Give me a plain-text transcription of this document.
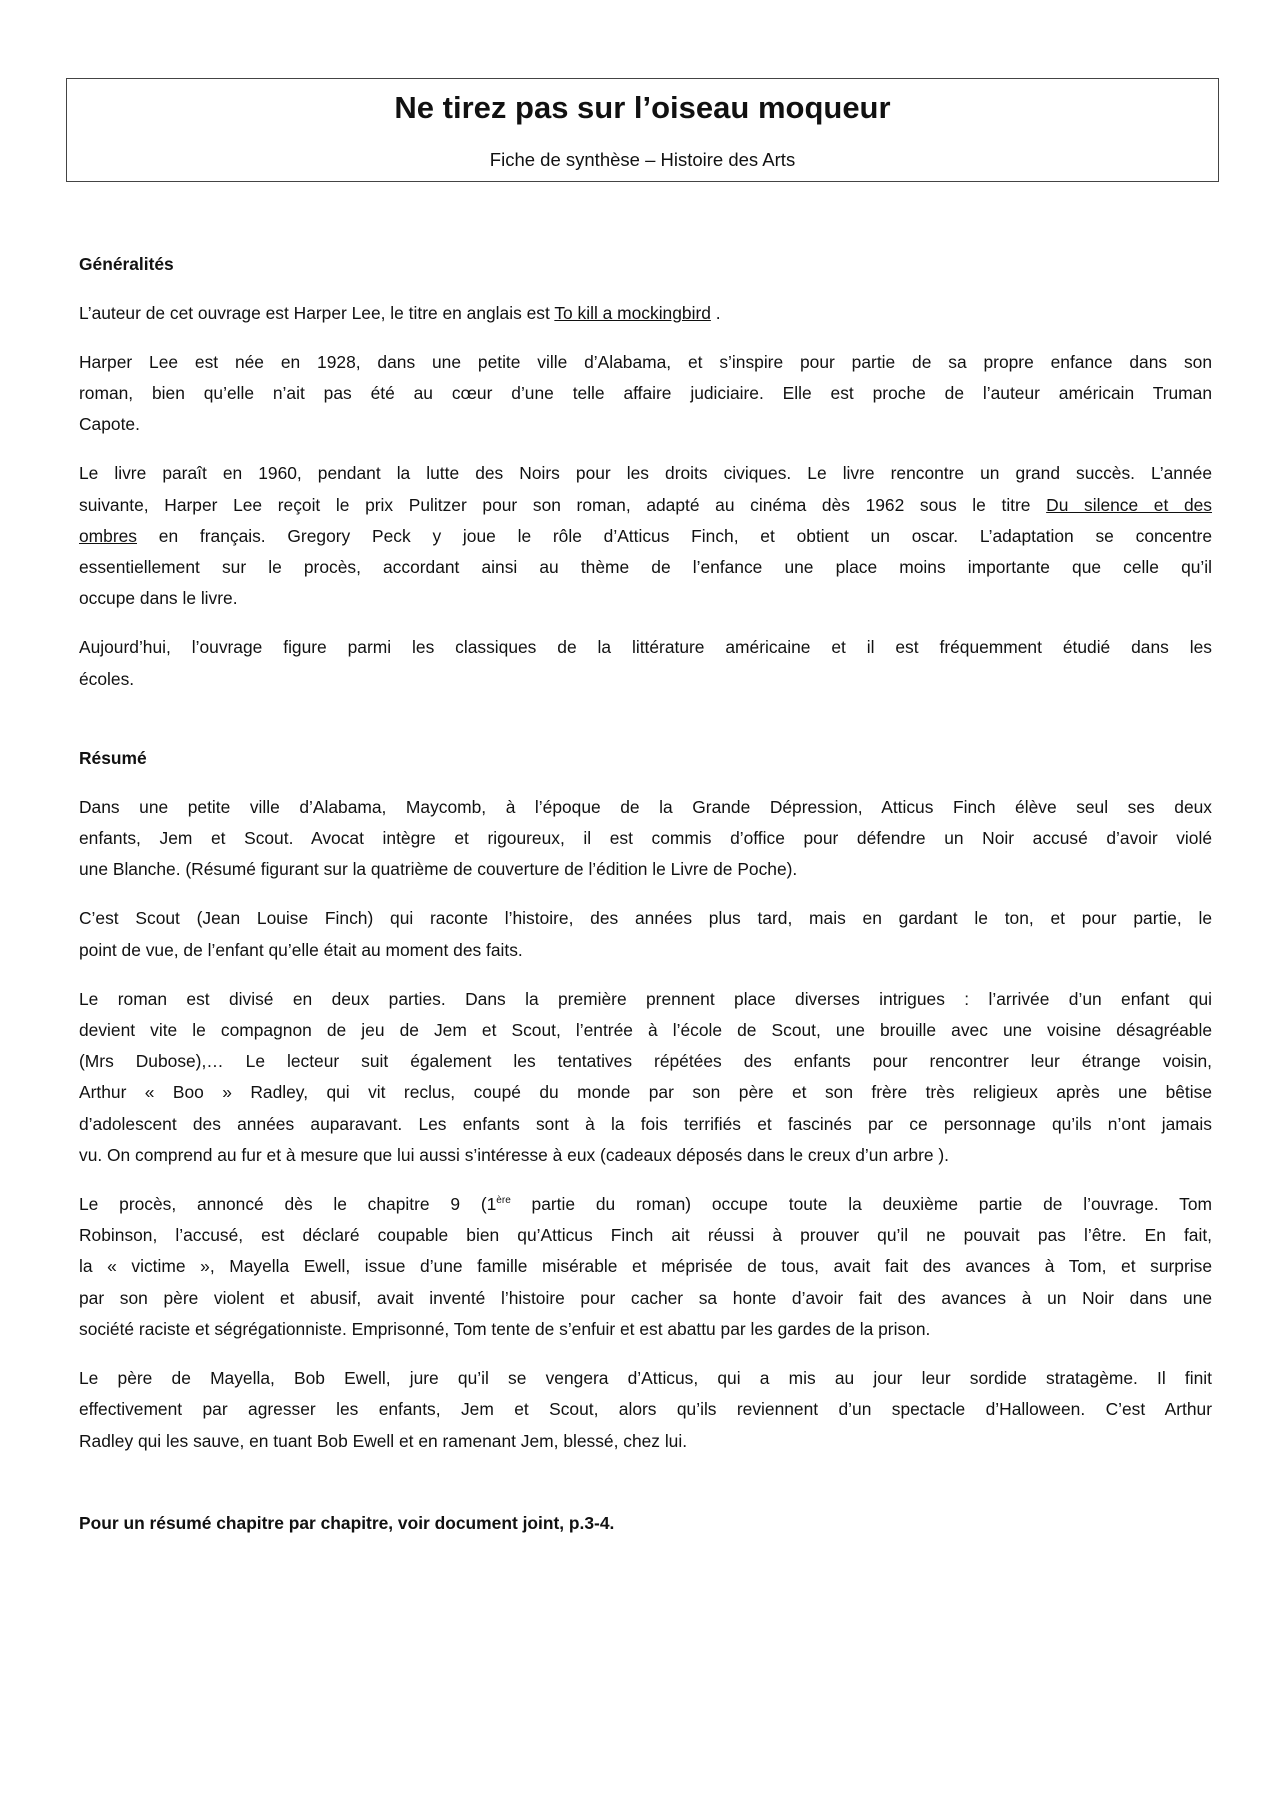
Ne tirez pas sur l’oiseau moqueur
Fiche de synthèse – Histoire des Arts
Généralités
L’auteur de cet ouvrage est Harper Lee, le titre en anglais est To kill a mockingbird .
Harper Lee est née en 1928, dans une petite ville d’Alabama, et s’inspire pour partie de sa propre enfance dans son
roman, bien qu’elle n’ait pas été au cœur d’une telle affaire judiciaire. Elle est proche de l’auteur américain Truman
Capote.
Le livre paraît en 1960, pendant la lutte des Noirs pour les droits civiques. Le livre rencontre un grand succès. L’année
suivante, Harper Lee reçoit le prix Pulitzer pour son roman, adapté au cinéma dès 1962 sous le titre Du silence et des
ombres en français. Gregory Peck y joue le rôle d’Atticus Finch, et obtient un oscar. L’adaptation se concentre
essentiellement sur le procès, accordant ainsi au thème de l’enfance une place moins importante que celle qu’il
occupe dans le livre.
Aujourd’hui, l’ouvrage figure parmi les classiques de la littérature américaine et il est fréquemment étudié dans les
écoles.
Résumé
Dans une petite ville d’Alabama, Maycomb, à l’époque de la Grande Dépression, Atticus Finch élève seul ses deux
enfants, Jem et Scout. Avocat intègre et rigoureux, il est commis d’office pour défendre un Noir accusé d’avoir violé
une Blanche. (Résumé figurant sur la quatrième de couverture de l’édition le Livre de Poche).
C’est Scout (Jean Louise Finch) qui raconte l’histoire, des années plus tard, mais en gardant le ton, et pour partie, le
point de vue, de l’enfant qu’elle était au moment des faits.
Le roman est divisé en deux parties. Dans la première prennent place diverses intrigues : l’arrivée d’un enfant qui
devient vite le compagnon de jeu de Jem et Scout, l’entrée à l’école de Scout, une brouille avec une voisine désagréable
(Mrs Dubose),… Le lecteur suit également les tentatives répétées des enfants pour rencontrer leur étrange voisin,
Arthur « Boo » Radley, qui vit reclus, coupé du monde par son père et son frère très religieux après une bêtise
d’adolescent des années auparavant. Les enfants sont à la fois terrifiés et fascinés par ce personnage qu’ils n’ont jamais
vu. On comprend au fur et à mesure que lui aussi s’intéresse à eux (cadeaux déposés dans le creux d’un arbre ).
Le procès, annoncé dès le chapitre 9 (1ère partie du roman) occupe toute la deuxième partie de l’ouvrage. Tom
Robinson, l’accusé, est déclaré coupable bien qu’Atticus Finch ait réussi à prouver qu’il ne pouvait pas l’être. En fait,
la « victime », Mayella Ewell, issue d’une famille misérable et méprisée de tous, avait fait des avances à Tom, et surprise
par son père violent et abusif, avait inventé l’histoire pour cacher sa honte d’avoir fait des avances à un Noir dans une
société raciste et ségrégationniste. Emprisonné, Tom tente de s’enfuir et est abattu par les gardes de la prison.
Le père de Mayella, Bob Ewell, jure qu’il se vengera d’Atticus, qui a mis au jour leur sordide stratagème. Il finit
effectivement par agresser les enfants, Jem et Scout, alors qu’ils reviennent d’un spectacle d’Halloween. C’est Arthur
Radley qui les sauve, en tuant Bob Ewell et en ramenant Jem, blessé, chez lui.
Pour un résumé chapitre par chapitre, voir document joint, p.3-4.
